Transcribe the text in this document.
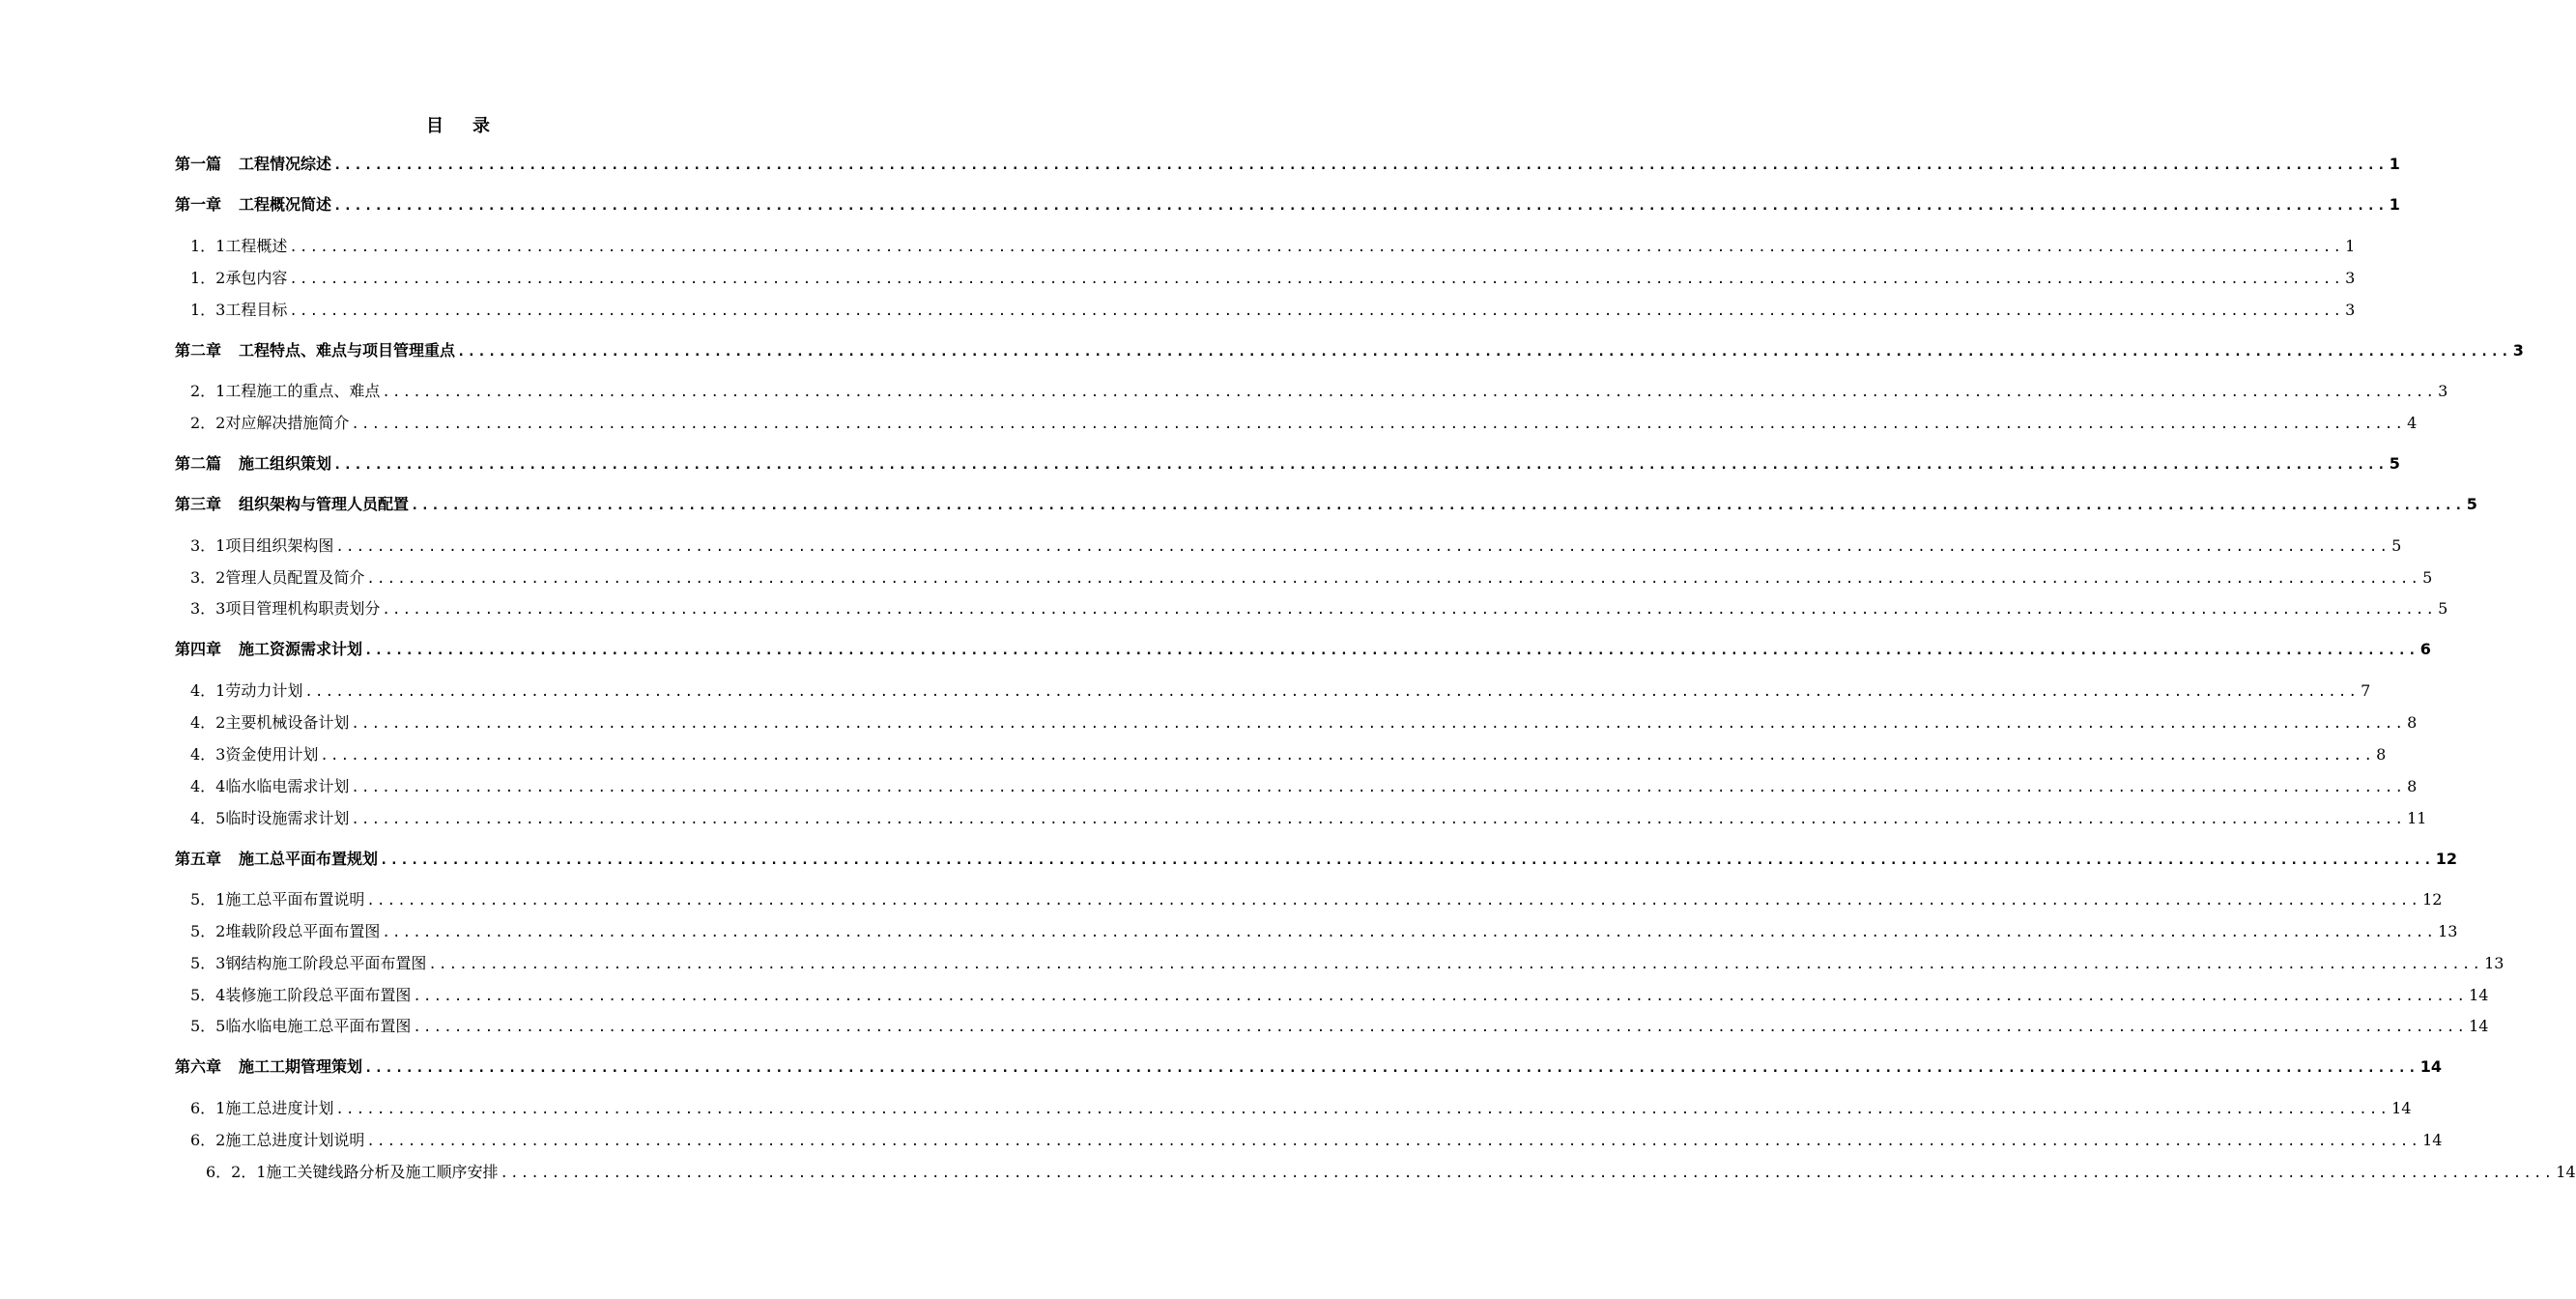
目 录
第一篇 工程情况综述 ........................................................................................................................................................................................................ 1
第一章 工程概况简述 ........................................................................................................................................................................................................ 1
1．1工程概述 ........................................................................................................................................................................................................ 1
1．2承包内容 ........................................................................................................................................................................................................ 3
1．3工程目标 ........................................................................................................................................................................................................ 3
第二章 工程特点、难点与项目管理重点 ........................................................................................................................................................................................................ 3
2．1工程施工的重点、难点 ........................................................................................................................................................................................................ 3
2．2对应解决措施简介 ........................................................................................................................................................................................................ 4
第二篇 施工组织策划 ........................................................................................................................................................................................................ 5
第三章 组织架构与管理人员配置 ........................................................................................................................................................................................................ 5
3．1项目组织架构图 ........................................................................................................................................................................................................ 5
3．2管理人员配置及简介 ........................................................................................................................................................................................................ 5
3．3项目管理机构职责划分 ........................................................................................................................................................................................................ 5
第四章 施工资源需求计划 ........................................................................................................................................................................................................ 6
4．1劳动力计划 ........................................................................................................................................................................................................ 7
4．2主要机械设备计划 ........................................................................................................................................................................................................ 8
4．3资金使用计划 ........................................................................................................................................................................................................ 8
4．4临水临电需求计划 ........................................................................................................................................................................................................ 8
4．5临时设施需求计划 ........................................................................................................................................................................................................ 11
第五章 施工总平面布置规划 ........................................................................................................................................................................................................ 12
5．1施工总平面布置说明 ........................................................................................................................................................................................................ 12
5．2堆载阶段总平面布置图 ........................................................................................................................................................................................................ 13
5．3钢结构施工阶段总平面布置图 ........................................................................................................................................................................................................ 13
5．4装修施工阶段总平面布置图 ........................................................................................................................................................................................................ 14
5．5临水临电施工总平面布置图 ........................................................................................................................................................................................................ 14
第六章 施工工期管理策划 ........................................................................................................................................................................................................ 14
6．1施工总进度计划 ........................................................................................................................................................................................................ 14
6．2施工总进度计划说明 ........................................................................................................................................................................................................ 14
6．2．1施工关键线路分析及施工顺序安排 ........................................................................................................................................................................................................ 14
